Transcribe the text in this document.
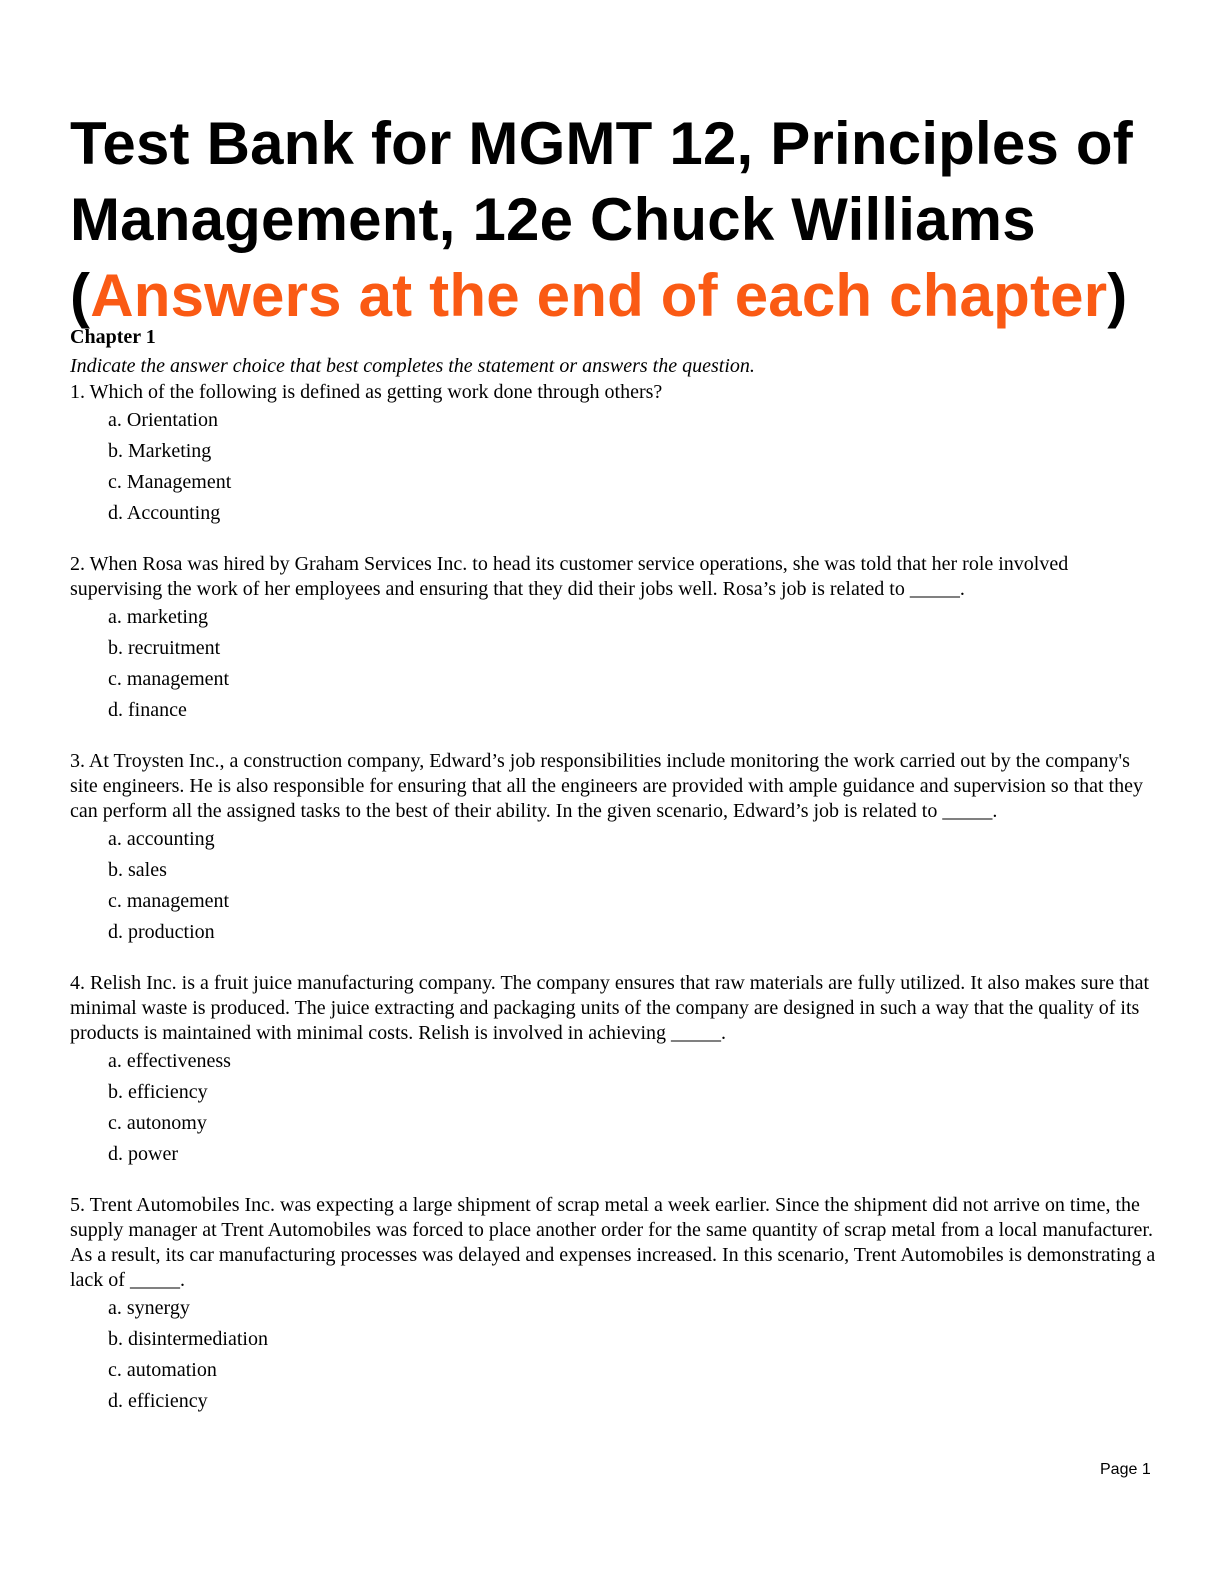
Test Bank for MGMT 12, Principles of
Management, 12e Chuck Williams
(Answers at the end of each chapter)

Chapter 1

Indicate the answer choice that best completes the statement or answers the question.

1. Which of the following is defined as getting work done through others?

a. Orientation
b. Marketing
c. Management
d. Accounting

2. When Rosa was hired by Graham Services Inc. to head its customer service operations, she was told that her role involved supervising the work of her employees and ensuring that they did their jobs well. Rosa’s job is related to _____.

a. marketing
b. recruitment
c. management
d. finance

3. At Troysten Inc., a construction company, Edward’s job responsibilities include monitoring the work carried out by the company's site engineers. He is also responsible for ensuring that all the engineers are provided with ample guidance and supervision so that they can perform all the assigned tasks to the best of their ability. In the given scenario, Edward’s job is related to _____.

a. accounting
b. sales
c. management
d. production

4. Relish Inc. is a fruit juice manufacturing company. The company ensures that raw materials are fully utilized. It also makes sure that minimal waste is produced. The juice extracting and packaging units of the company are designed in such a way that the quality of its products is maintained with minimal costs. Relish is involved in achieving _____.

a. effectiveness
b. efficiency
c. autonomy
d. power

5. Trent Automobiles Inc. was expecting a large shipment of scrap metal a week earlier. Since the shipment did not arrive on time, the supply manager at Trent Automobiles was forced to place another order for the same quantity of scrap metal from a local manufacturer. As a result, its car manufacturing processes was delayed and expenses increased. In this scenario, Trent Automobiles is demonstrating a lack of _____.

a. synergy
b. disintermediation
c. automation
d. efficiency
Page 1
